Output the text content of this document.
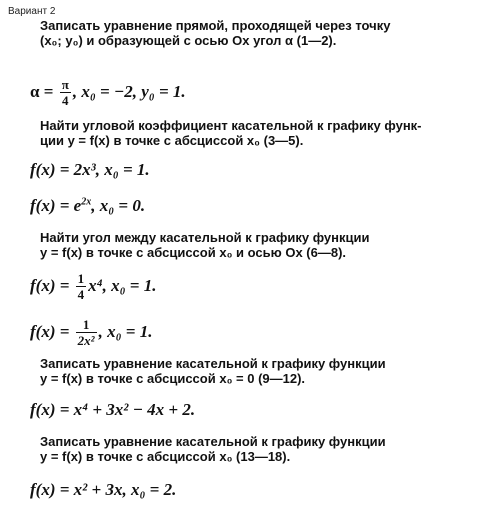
Вариант 2
Записать уравнение прямой, проходящей через точку
(x₀; y₀) и образующей с осью Ox угол α (1—2).
$\alpha = \frac{\pi}{4}$ , x₀ = −2, y₀ = 1.
Найти угловой коэффициент касательной к графику функ-
ции y = f(x) в точке с абсциссой x₀ (3—5).
f(x) = 2x³, x₀ = 1.
$f(x) = e^{2x}$, x₀ = 0.
Найти угол между касательной к графику функции
y = f(x) в точке с абсциссой x₀ и осью Ox (6—8).
$f(x) = \frac{1}{4} x^4$, x₀ = 1.
$f(x) = \frac{1}{\text{2x²}}$ , x₀ = 1.
Записать уравнение касательной к графику функции
y = f(x) в точке с абсциссой x₀ = 0 (9—12).
f(x) = x⁴ + 3x² − 4x + 2.
Записать уравнение касательной к графику функции
y = f(x) в точке с абсциссой x₀ (13—18).
f(x) = x² + 3x, x₀ = 2.
